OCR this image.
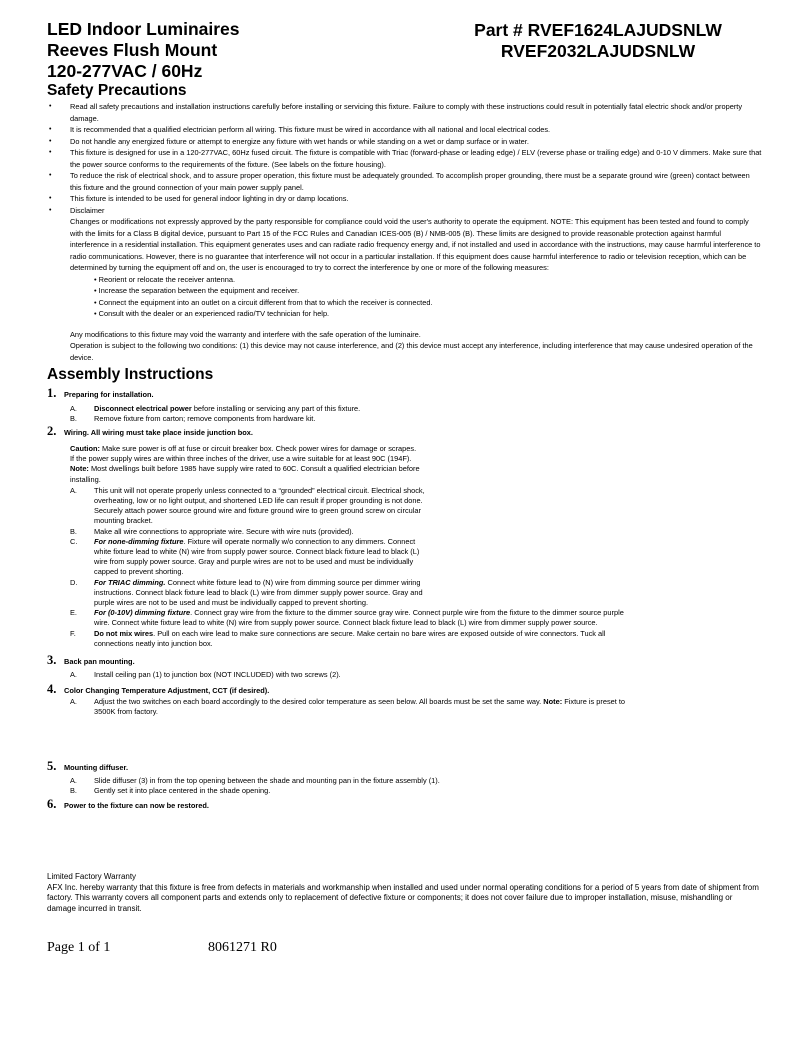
LED Indoor Luminaires
Reeves Flush Mount
120-277VAC / 60Hz
Part # RVEF1624LAJUDSNLW
RVEF2032LAJUDSNLW
Safety Precautions
•	Read all safety precautions and installation instructions carefully before installing or servicing this fixture. Failure to comply with these instructions could result in potentially fatal electric shock and/or property damage.
•	It is recommended that a qualified electrician perform all wiring. This fixture must be wired in accordance with all national and local electrical codes.
•	Do not handle any energized fixture or attempt to energize any fixture with wet hands or while standing on a wet or damp surface or in water.
•	This fixture is designed for use in a 120-277VAC, 60Hz fused circuit. The fixture is compatible with Triac (forward-phase or leading edge) / ELV (reverse phase or trailing edge) and 0-10 V dimmers. Make sure that the power source conforms to the requirements of the fixture. (See labels on the fixture housing).
•	To reduce the risk of electrical shock, and to assure proper operation, this fixture must be adequately grounded. To accomplish proper grounding, there must be a separate ground wire (green) contact between this fixture and the ground connection of your main power supply panel.
•	This fixture is intended to be used for general indoor lighting in dry or damp locations.
•	Disclaimer
Changes or modifications not expressly approved by the party responsible for compliance could void the user's authority to operate the equipment. NOTE: This equipment has been tested and found to comply with the limits for a Class B digital device, pursuant to Part 15 of the FCC Rules and Canadian ICES-005 (B) / NMB-005 (B). These limits are designed to provide reasonable protection against harmful interference in a residential installation. This equipment generates uses and can radiate radio frequency energy and, if not installed and used in accordance with the instructions, may cause harmful interference to radio communications. However, there is no guarantee that interference will not occur in a particular installation. If this equipment does cause harmful interference to radio or television reception, which can be determined by turning the equipment off and on, the user is encouraged to try to correct the interference by one or more of the following measures:
• Reorient or relocate the receiver antenna.
• Increase the separation between the equipment and receiver.
• Connect the equipment into an outlet on a circuit different from that to which the receiver is connected.
• Consult with the dealer or an experienced radio/TV technician for help.
Any modifications to this fixture may void the warranty and interfere with the safe operation of the luminaire.
Operation is subject to the following two conditions: (1) this device may not cause interference, and (2) this device must accept any interference, including interference that may cause undesired operation of the device.
Assembly Instructions
1.	Preparing for installation.
A. Disconnect electrical power before installing or servicing any part of this fixture.
B. Remove fixture from carton; remove components from hardware kit.
2.	Wiring. All wiring must take place inside junction box.
Caution: Make sure power is off at fuse or circuit breaker box. Check power wires for damage or scrapes.
If the power supply wires are within three inches of the driver, use a wire suitable for at least 90C (194F).
Note: Most dwellings built before 1985 have supply wire rated to 60C. Consult a qualified electrician before
installing.
A. This unit will not operate properly unless connected to a “grounded” electrical circuit. Electrical shock,
overheating, low or no light output, and shortened LED life can result if proper grounding is not done.
Securely attach power source ground wire and fixture ground wire to green ground screw on circular
mounting bracket.
B. Make all wire connections to appropriate wire. Secure with wire nuts (provided).
C. For none-dimming fixture. Fixture will operate normally w/o connection to any dimmers. Connect
white fixture lead to white (N) wire from supply power source. Connect black fixture lead to black (L)
wire from supply power source. Gray and purple wires are not to be used and must be individually
capped to prevent shorting.
D. For TRIAC dimming. Connect white fixture lead to (N) wire from dimming source per dimmer wiring
instructions. Connect black fixture lead to black (L) wire from dimmer supply power source. Gray and
purple wires are not to be used and must be individually capped to prevent shorting.
E. For (0-10V) dimming fixture. Connect gray wire from the fixture to the dimmer source gray wire. Connect purple wire from the fixture to the dimmer source purple
wire. Connect white fixture lead to white (N) wire from supply power source. Connect black fixture lead to black (L) wire from dimmer supply power source.
F. Do not mix wires. Pull on each wire lead to make sure connections are secure. Make certain no bare wires are exposed outside of wire connectors. Tuck all
connections neatly into junction box.
3.	Back pan mounting.
A. Install ceiling pan (1) to junction box (NOT INCLUDED) with two screws (2).
4.	Color Changing Temperature Adjustment, CCT (if desired).
A. Adjust the two switches on each board accordingly to the desired color temperature as seen below. All boards must be set the same way. Note: Fixture is preset to
3500K from factory.
5.	Mounting diffuser.
A. Slide diffuser (3) in from the top opening between the shade and mounting pan in the fixture assembly (1).
B. Gently set it into place centered in the shade opening.
6.	Power to the fixture can now be restored.
Limited Factory Warranty
AFX Inc. hereby warranty that this fixture is free from defects in materials and workmanship when installed and used under normal operating conditions for a period of 5 years from date of shipment from factory. This warranty covers all component parts and extends only to replacement of defective fixture or components; it does not cover failure due to improper installation, misuse, mishandling or damage incurred in transit.
Page 1 of 1	8061271 R0
